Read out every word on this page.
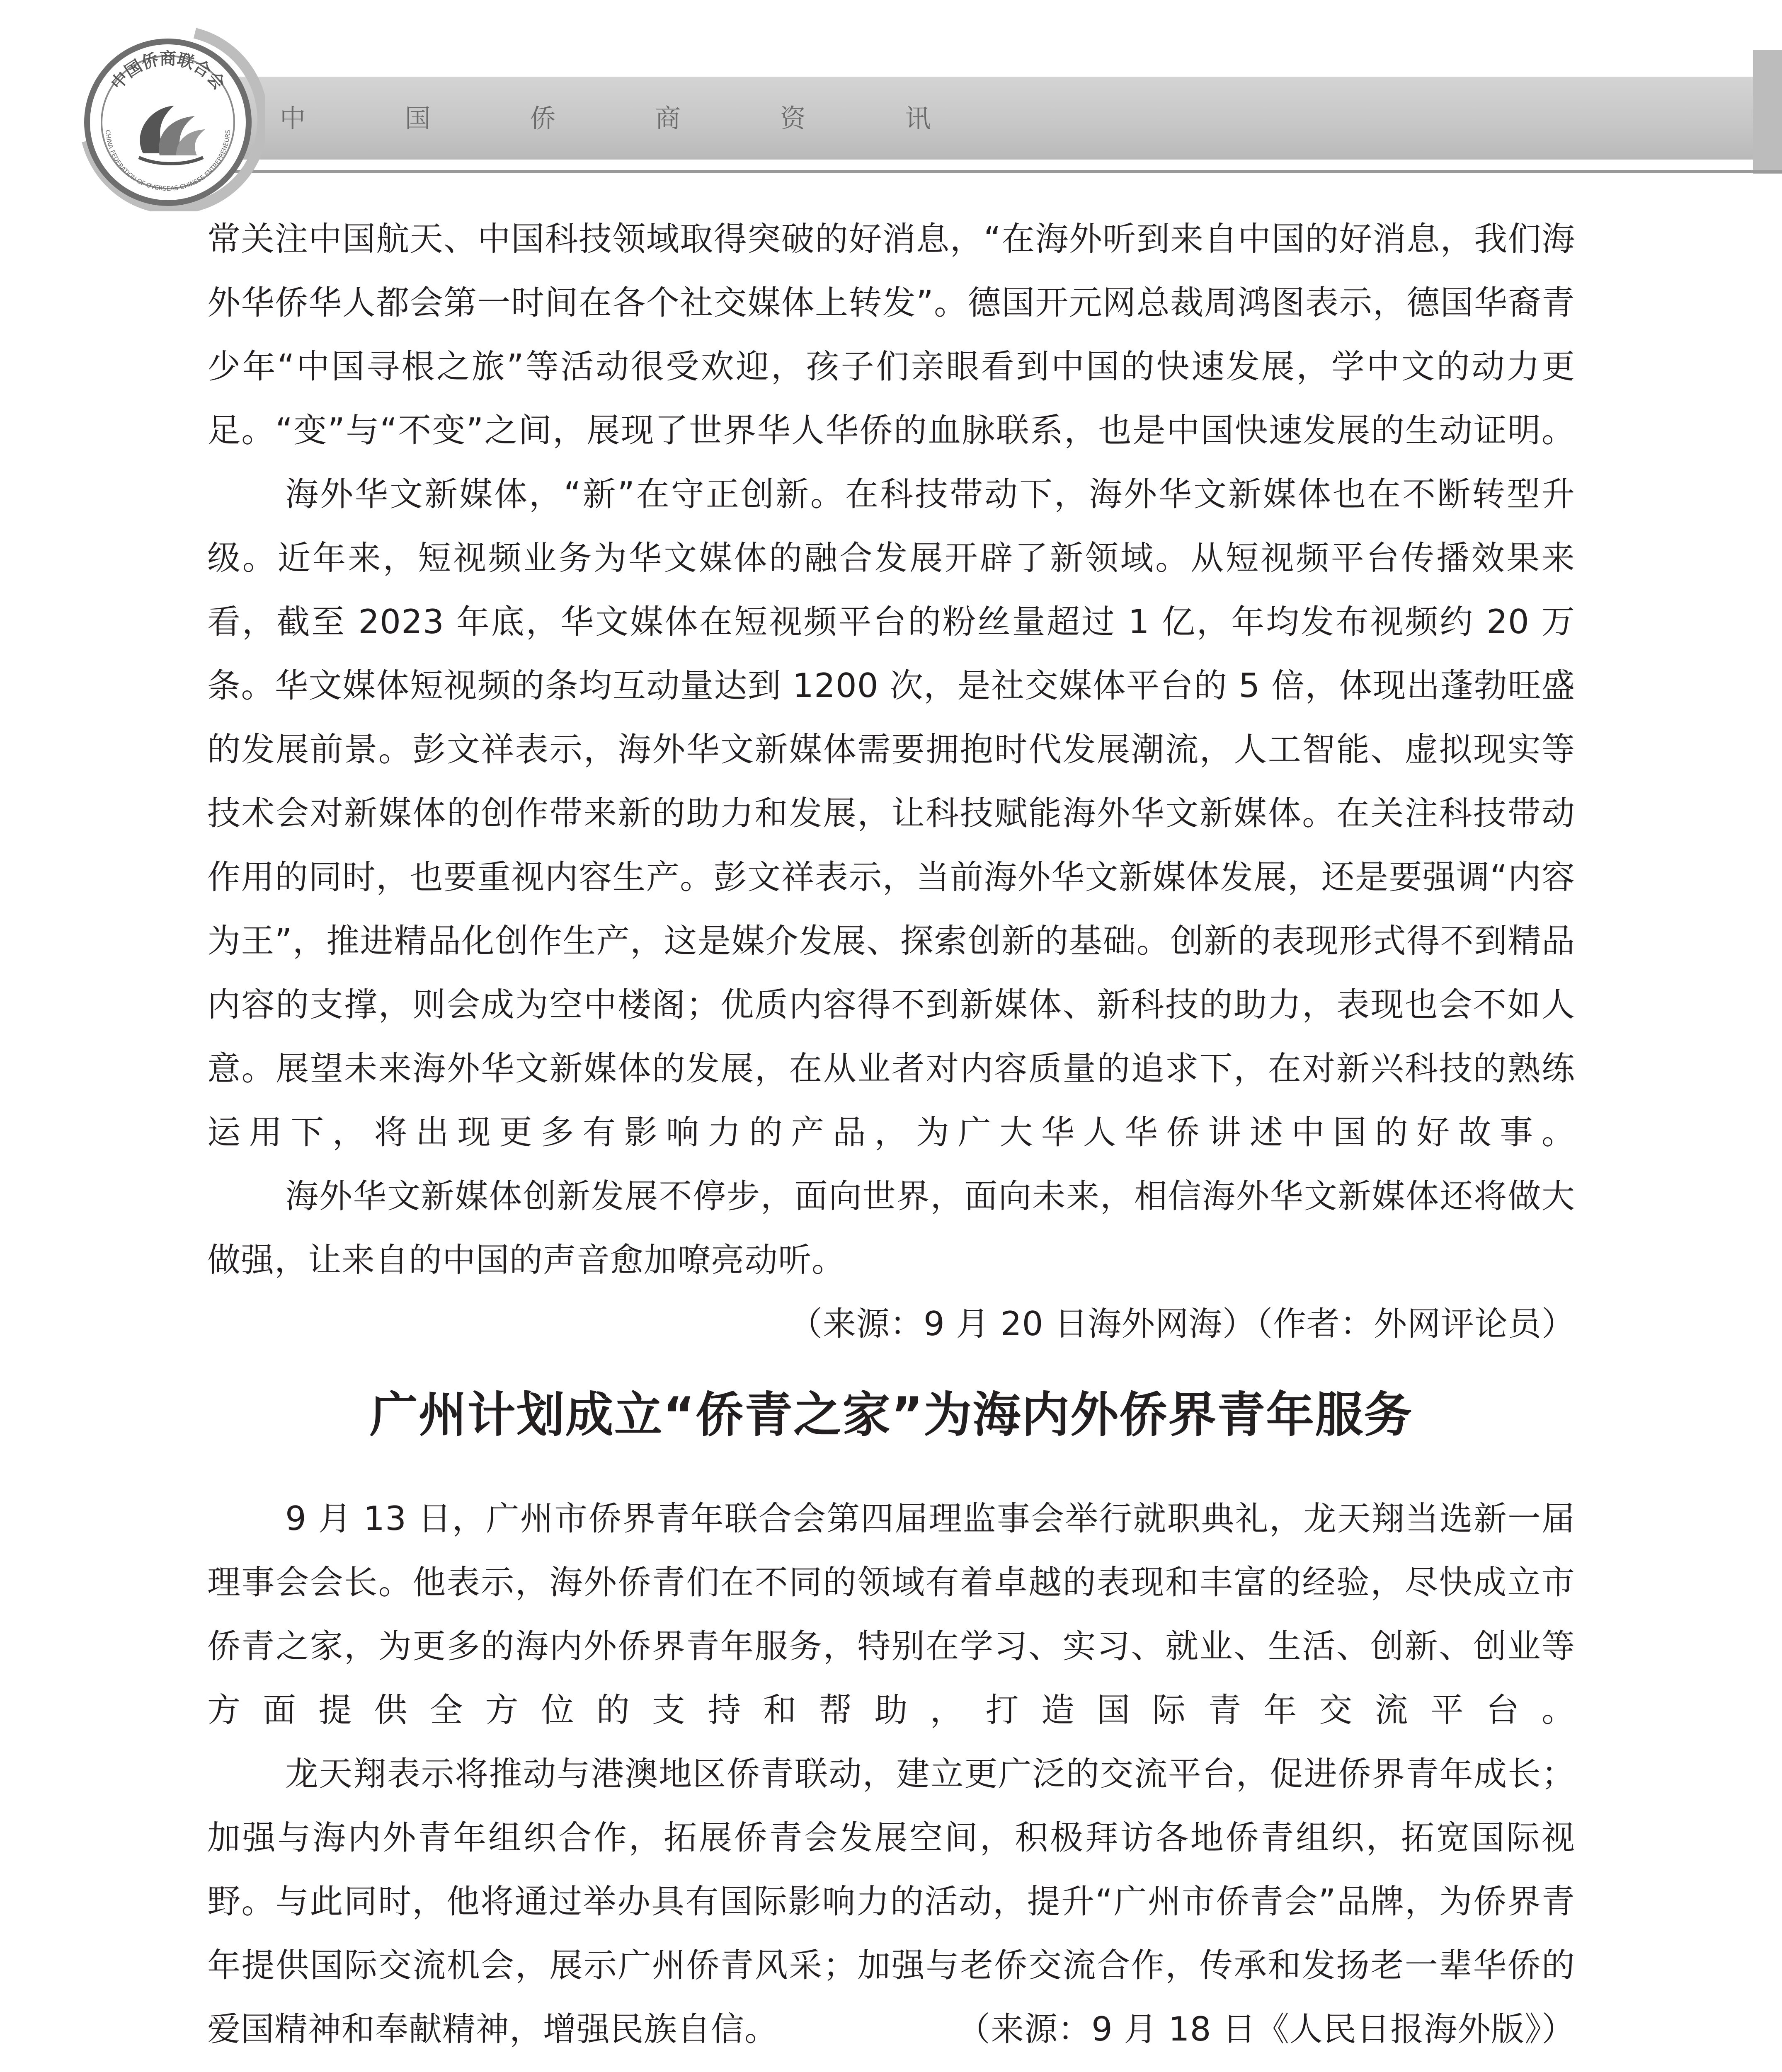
中 国 侨 商 资 讯
中国侨商联合会
CHINA FEDERATION OF OVERSEAS CHINESE ENTREPRENEURS

常关注中国航天、中国科技领域取得突破的好消息，“在海外听到来自中国的好消息，我们海外华侨华人都会第一时间在各个社交媒体上转发”。德国开元网总裁周鸿图表示，德国华裔青少年“中国寻根之旅”等活动很受欢迎，孩子们亲眼看到中国的快速发展，学中文的动力更足。“变”与“不变”之间，展现了世界华人华侨的血脉联系，也是中国快速发展的生动证明。

海外华文新媒体，“新”在守正创新。在科技带动下，海外华文新媒体也在不断转型升级。近年来，短视频业务为华文媒体的融合发展开辟了新领域。从短视频平台传播效果来看，截至 2023 年底，华文媒体在短视频平台的粉丝量超过 1 亿，年均发布视频约 20 万条。华文媒体短视频的条均互动量达到 1200 次，是社交媒体平台的 5 倍，体现出蓬勃旺盛的发展前景。彭文祥表示，海外华文新媒体需要拥抱时代发展潮流，人工智能、虚拟现实等技术会对新媒体的创作带来新的助力和发展，让科技赋能海外华文新媒体。在关注科技带动作用的同时，也要重视内容生产。彭文祥表示，当前海外华文新媒体发展，还是要强调“内容为王”，推进精品化创作生产，这是媒介发展、探索创新的基础。创新的表现形式得不到精品内容的支撑，则会成为空中楼阁；优质内容得不到新媒体、新科技的助力，表现也会不如人意。展望未来海外华文新媒体的发展，在从业者对内容质量的追求下，在对新兴科技的熟练运用下，将出现更多有影响力的产品，为广大华人华侨讲述中国的好故事。

海外华文新媒体创新发展不停步，面向世界，面向未来，相信海外华文新媒体还将做大做强，让来自的中国的声音愈加嘹亮动听。
（来源：9 月 20 日海外网海）（作者：外网评论员）

广州计划成立“侨青之家”为海内外侨界青年服务

9 月 13 日，广州市侨界青年联合会第四届理监事会举行就职典礼，龙天翔当选新一届理事会会长。他表示，海外侨青们在不同的领域有着卓越的表现和丰富的经验，尽快成立市侨青之家，为更多的海内外侨界青年服务，特别在学习、实习、就业、生活、创新、创业等方面提供全方位的支持和帮助，打造国际青年交流平台。

龙天翔表示将推动与港澳地区侨青联动，建立更广泛的交流平台，促进侨界青年成长；加强与海内外青年组织合作，拓展侨青会发展空间，积极拜访各地侨青组织，拓宽国际视野。与此同时，他将通过举办具有国际影响力的活动，提升“广州市侨青会”品牌，为侨界青年提供国际交流机会，展示广州侨青风采；加强与老侨交流合作，传承和发扬老一辈华侨的爱国精神和奉献精神，增强民族自信。	（来源：9 月 18 日《人民日报海外版》）
